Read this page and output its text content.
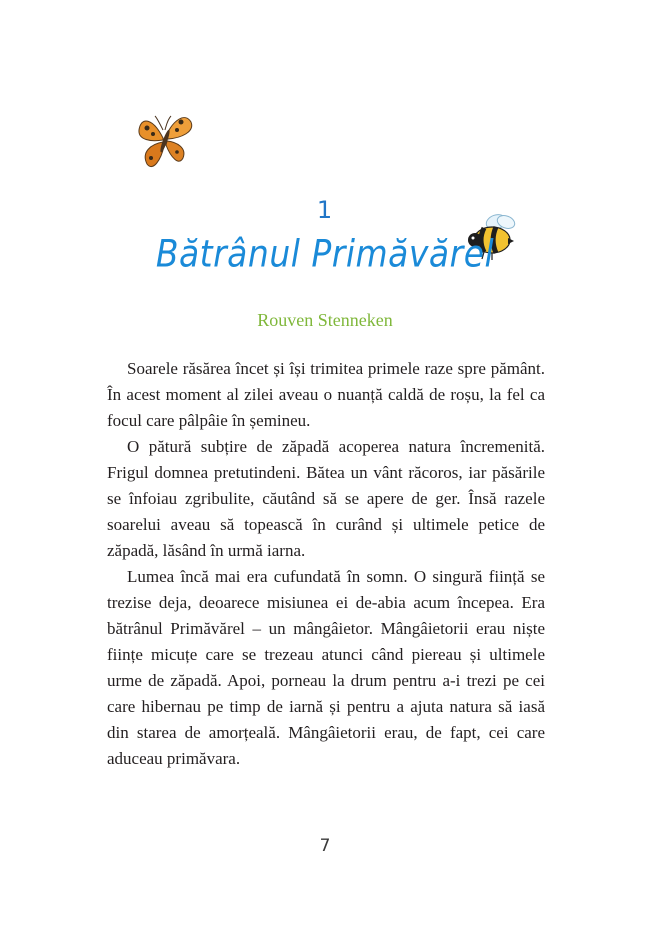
1
Bătrânul Primăvărel
Rouven Stenneken

Soarele răsărea încet și își trimitea primele raze spre pământ. În acest moment al zilei aveau o nuanță caldă de roșu, la fel ca focul care pâlpâie în șemineu.

O pătură subțire de zăpadă acoperea natura încremenită. Frigul domnea pretutindeni. Bătea un vânt răcoros, iar păsările se înfoiau zgribulite, căutând să se apere de ger. Însă razele soarelui aveau să topească în curând și ultimele petice de zăpadă, lăsând în urmă iarna.

Lumea încă mai era cufundată în somn. O singură ființă se trezise deja, deoarece misiunea ei de-abia acum începea. Era bătrânul Primăvărel – un mângâietor. Mângâietorii erau niște ființe micuțe care se trezeau atunci când piereau și ultimele urme de zăpadă. Apoi, porneau la drum pentru a-i trezi pe cei care hibernau pe timp de iarnă și pentru a ajuta natura să iasă din starea de amorțeală. Mângâietorii erau, de fapt, cei care aduceau primăvara.

7
